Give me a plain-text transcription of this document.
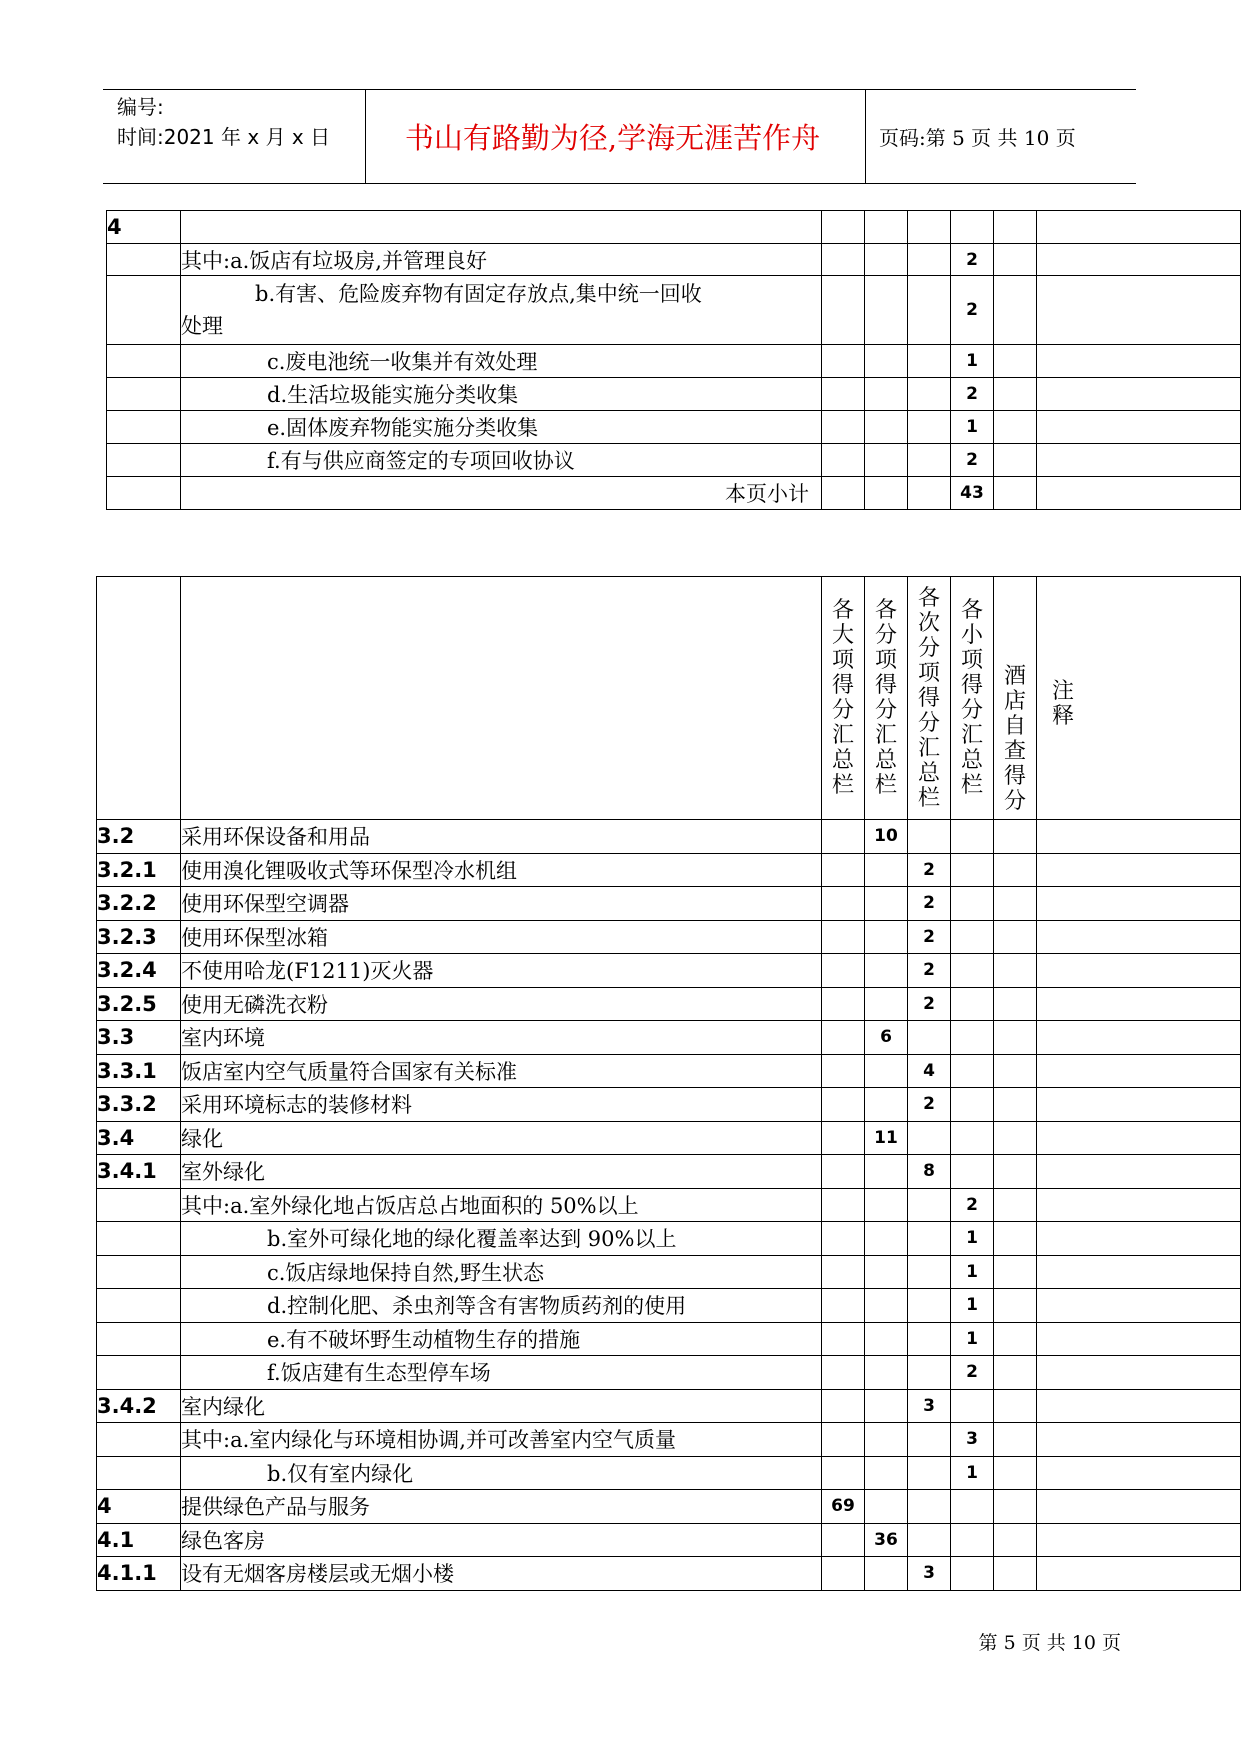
编号:
时间:2021 年 x 月 x 日	书山有路勤为径,学海无涯苦作舟	页码:第 5 页 共 10 页
4							
	其中:a.饭店有垃圾房,并管理良好				2		

	b.有害、危险废弃物有固定存放点,集中统一回收
处理				2		
	c.废电池统一收集并有效处理				1		
	d.生活垃圾能实施分类收集				2		
	e.固体废弃物能实施分类收集				1		
	f.有与供应商签定的专项回收协议				2		
	本页小计				43		

		各大项得分汇总栏	各分项得分汇总栏	各次分项得分汇总栏	各小项得分汇总栏	酒店自查得分	注释

3.2	采用环保设备和用品		10				
3.2.1	使用溴化锂吸收式等环保型冷水机组			2			
3.2.2	使用环保型空调器			2			
3.2.3	使用环保型冰箱			2			
3.2.4	不使用哈龙(F1211)灭火器			2			
3.2.5	使用无磷洗衣粉			2			
3.3	室内环境		6				
3.3.1	饭店室内空气质量符合国家有关标准			4			
3.3.2	采用环境标志的装修材料			2			
3.4	绿化		11				
3.4.1	室外绿化			8			
	其中:a.室外绿化地占饭店总占地面积的 50%以上				2		
	b.室外可绿化地的绿化覆盖率达到 90%以上				1		
	c.饭店绿地保持自然,野生状态				1		
	d.控制化肥、杀虫剂等含有害物质药剂的使用				1		
	e.有不破坏野生动植物生存的措施				1		
	f.饭店建有生态型停车场				2		
3.4.2	室内绿化			3			
	其中:a.室内绿化与环境相协调,并可改善室内空气质量				3		
	b.仅有室内绿化				1		
4	提供绿色产品与服务	69					
4.1	绿色客房		36				
4.1.1	设有无烟客房楼层或无烟小楼			3			
第 5 页 共 10 页
